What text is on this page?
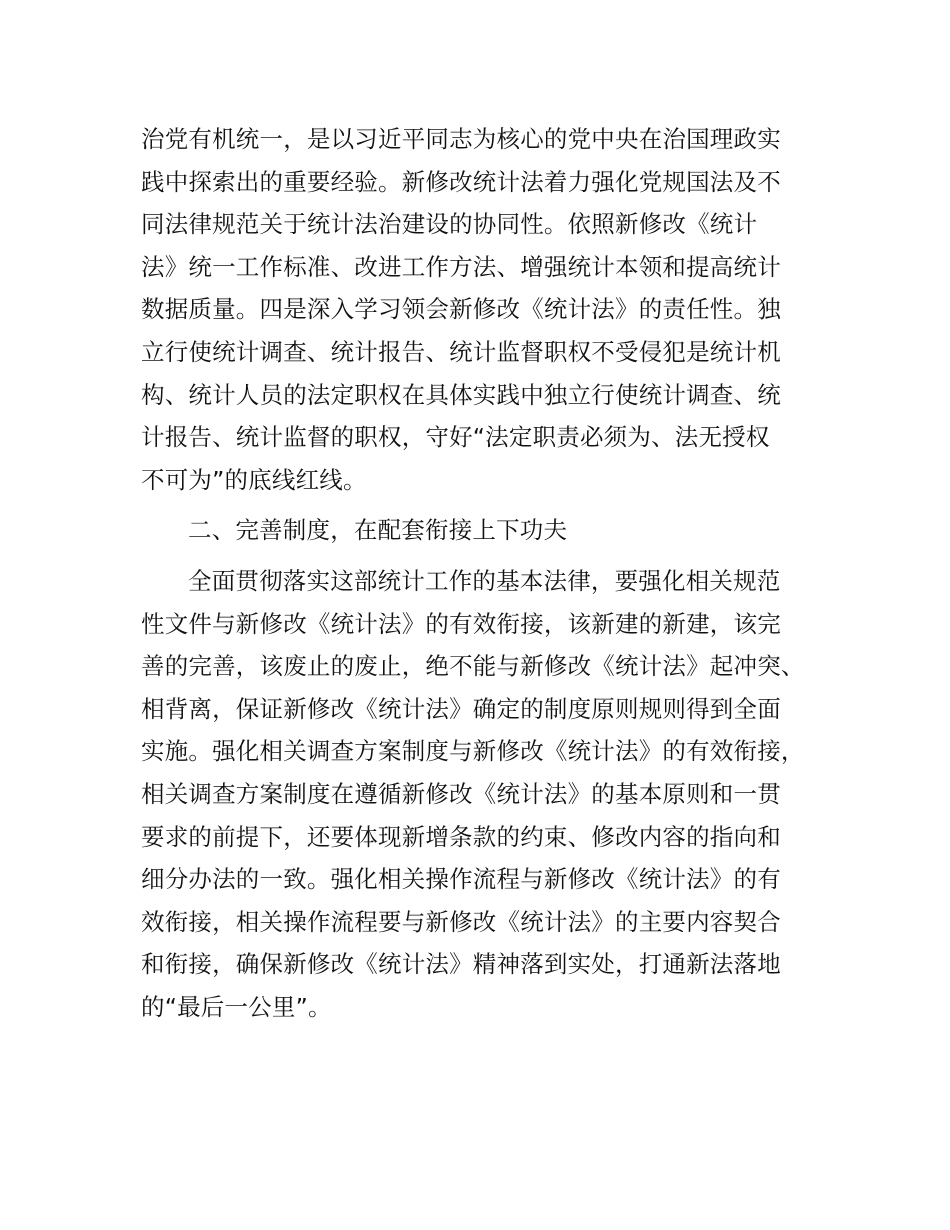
治党有机统一，是以习近平同志为核心的党中央在治国理政实
践中探索出的重要经验。新修改统计法着力强化党规国法及不
同法律规范关于统计法治建设的协同性。依照新修改《统计
法》统一工作标准、改进工作方法、增强统计本领和提高统计
数据质量。四是深入学习领会新修改《统计法》的责任性。独
立行使统计调查、统计报告、统计监督职权不受侵犯是统计机
构、统计人员的法定职权在具体实践中独立行使统计调查、统
计报告、统计监督的职权，守好“法定职责必须为、法无授权
不可为”的底线红线。
二、完善制度，在配套衔接上下功夫
全面贯彻落实这部统计工作的基本法律，要强化相关规范
性文件与新修改《统计法》的有效衔接，该新建的新建，该完
善的完善，该废止的废止，绝不能与新修改《统计法》起冲突、
相背离，保证新修改《统计法》确定的制度原则规则得到全面
实施。强化相关调查方案制度与新修改《统计法》的有效衔接，
相关调查方案制度在遵循新修改《统计法》的基本原则和一贯
要求的前提下，还要体现新增条款的约束、修改内容的指向和
细分办法的一致。强化相关操作流程与新修改《统计法》的有
效衔接，相关操作流程要与新修改《统计法》的主要内容契合
和衔接，确保新修改《统计法》精神落到实处，打通新法落地
的“最后一公里”。
